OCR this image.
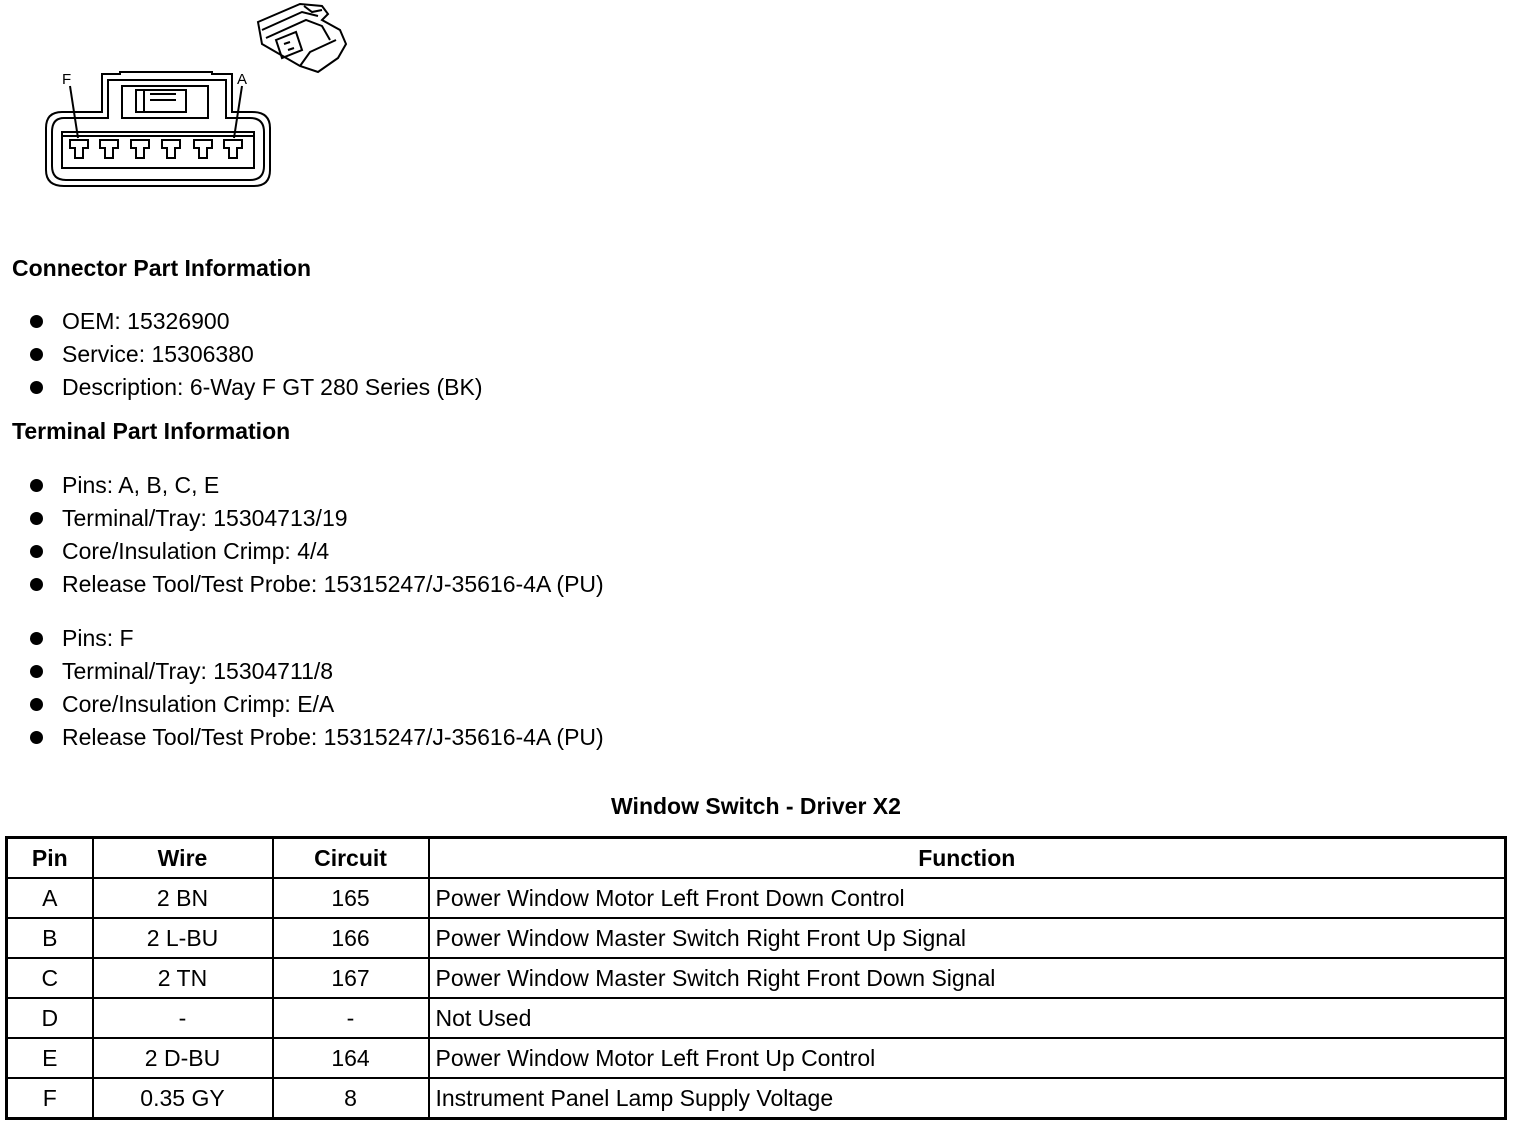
F	A
Connector Part Information
OEM: 15326900
Service: 15306380
Description: 6-Way F GT 280 Series (BK)
Terminal Part Information
Pins: A, B, C, E
Terminal/Tray: 15304713/19
Core/Insulation Crimp: 4/4
Release Tool/Test Probe: 15315247/J-35616-4A (PU)
Pins: F
Terminal/Tray: 15304711/8
Core/Insulation Crimp: E/A
Release Tool/Test Probe: 15315247/J-35616-4A (PU)
Window Switch - Driver X2
Pin	Wire	Circuit	Function
A	2 BN	165	Power Window Motor Left Front Down Control
B	2 L-BU	166	Power Window Master Switch Right Front Up Signal
C	2 TN	167	Power Window Master Switch Right Front Down Signal
D	-	-	Not Used
E	2 D-BU	164	Power Window Motor Left Front Up Control
F	0.35 GY	8	Instrument Panel Lamp Supply Voltage
